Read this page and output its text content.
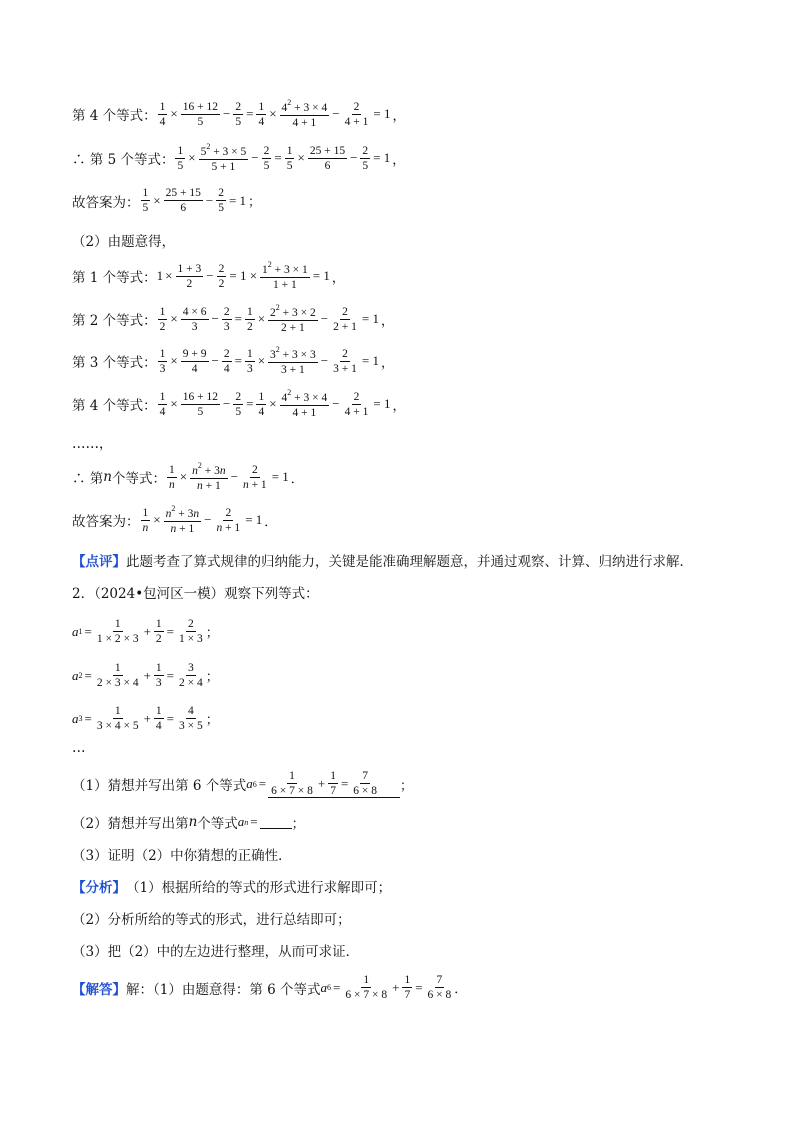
第 4 个等式： $\frac{1}{4} \times \frac{16 + 12}{5} - \frac{2}{5} = \frac{1}{4} \times \frac{4^2 + 3 \times 4}{4 + 1} - \frac{2}{4 + 1} = 1$ ，
∴ 第 5 个等式： $\frac{1}{5} \times \frac{5^2 + 3 \times 5}{5 + 1} - \frac{2}{5} = \frac{1}{5} \times \frac{25 + 15}{6} - \frac{2}{5} = 1$ ，
故答案为： $\frac{1}{5} \times \frac{25 + 15}{6} - \frac{2}{5} = 1$ ；
（2）由题意得，
第 1 个等式： $1 \times \frac{1 + 3}{2} - \frac{2}{2} = 1 \times \frac{1^2 + 3 \times 1}{1 + 1} = 1$ ，
第 2 个等式： $\frac{1}{2} \times \frac{4 \times 6}{3} - \frac{2}{3} = \frac{1}{2} \times \frac{2^2 + 3 \times 2}{2 + 1} - \frac{2}{2 + 1} = 1$ ，
第 3 个等式： $\frac{1}{3} \times \frac{9 + 9}{4} - \frac{2}{4} = \frac{1}{3} \times \frac{3^2 + 3 \times 3}{3 + 1} - \frac{2}{3 + 1} = 1$ ，
第 4 个等式： $\frac{1}{4} \times \frac{16 + 12}{5} - \frac{2}{5} = \frac{1}{4} \times \frac{4^2 + 3 \times 4}{4 + 1} - \frac{2}{4 + 1} = 1$ ，
……，
∴ 第 n 个等式： $\frac{1}{n} \times \frac{n^2 + 3n}{n + 1} - \frac{2}{n + 1} = 1$ ．
故答案为： $\frac{1}{n} \times \frac{n^2 + 3n}{n + 1} - \frac{2}{n + 1} = 1$ ．
【点评】 此题考查了算式规律的归纳能力，关键是能准确理解题意，并通过观察、计算、归纳进行求解．
2．（2024•包河区一模）观察下列等式：
a $1 = \frac{1}{1 \times 2 \times 3} + \frac{1}{2} = \frac{2}{1 \times 3}$ ；
a $2 = \frac{1}{2 \times 3 \times 4} + \frac{1}{3} = \frac{3}{2 \times 4}$ ；
a $3 = \frac{1}{3 \times 4 \times 5} + \frac{1}{4} = \frac{4}{3 \times 5}$ ；
…
（1）猜想并写出第 6 个等式 a $6 = \frac{1}{6 \times 7 \times 8} + \frac{1}{7} = \frac{7}{6 \times 8}$ ；
（2）猜想并写出第 n 个等式 a n =	；
（3）证明（2）中你猜想的正确性．
【分析】 （1）根据所给的等式的形式进行求解即可；
（2）分析所给的等式的形式，进行总结即可；
（3）把（2）中的左边进行整理，从而可求证．
【解答】 解：（1）由题意得：第 6 个等式 a $6 = \frac{1}{6 \times 7 \times 8} + \frac{1}{7} = \frac{7}{6 \times 8}$ ．
